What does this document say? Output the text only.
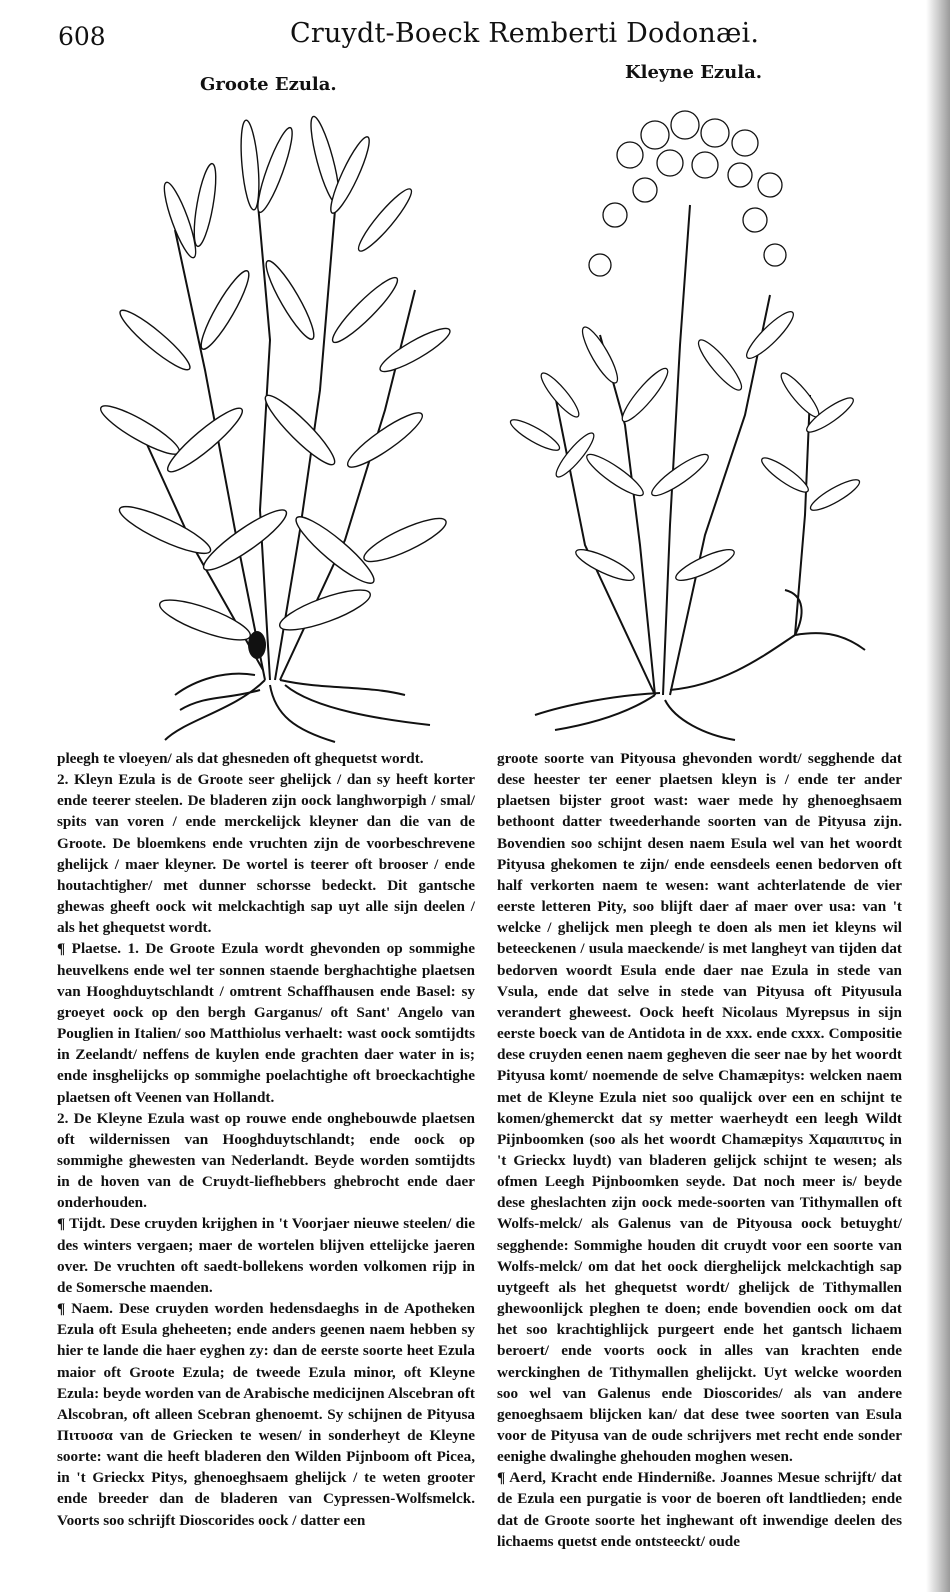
608	Cruydt-Boeck Remberti Dodonæi.
Groote Ezula.
Kleyne Ezula.

pleegh te vloeyen/ als dat ghesneden oft ghequetst wordt.

2. Kleyn Ezula is de Groote seer ghelijck / dan sy heeft korter ende teerer steelen. De bladeren zijn oock langhworpigh / smal/ spits van voren / ende merckelijck kleyner dan die van de Groote. De bloemkens ende vruchten zijn de voorbeschrevene ghelijck / maer kleyner. De wortel is teerer oft brooser / ende houtachtigher/ met dunner schorsse bedeckt. Dit gantsche ghewas gheeft oock wit melckachtigh sap uyt alle sijn deelen / als het ghequetst wordt.

¶ Plaetse. 1. De Groote Ezula wordt ghevonden op sommighe heuvelkens ende wel ter sonnen staende berghachtighe plaetsen van Hooghduytschlandt / omtrent Schaffhausen ende Basel: sy groeyet oock op den bergh Garganus/ oft Sant' Angelo van Pouglien in Italien/ soo Matthiolus verhaelt: wast oock somtijdts in Zeelandt/ neffens de kuylen ende grachten daer water in is; ende insghelijcks op sommighe poelachtighe oft broeckachtighe plaetsen oft Veenen van Hollandt.

2. De Kleyne Ezula wast op rouwe ende onghebouwde plaetsen oft wildernissen van Hooghduytschlandt; ende oock op sommighe ghewesten van Nederlandt. Beyde worden somtijdts in de hoven van de Cruydt-liefhebbers ghebrocht ende daer onderhouden.

¶ Tijdt. Dese cruyden krijghen in 't Voorjaer nieuwe steelen/ die des winters vergaen; maer de wortelen blijven ettelijcke jaeren over. De vruchten oft saedt-bollekens worden volkomen rijp in de Somersche maenden.

¶ Naem. Dese cruyden worden hedensdaeghs in de Apotheken Ezula oft Esula gheheeten; ende anders geenen naem hebben sy hier te lande die haer eyghen zy: dan de eerste soorte heet Ezula maior oft Groote Ezula; de tweede Ezula minor, oft Kleyne Ezula: beyde worden van de Arabische medicijnen Alscebran oft Alscobran, oft alleen Scebran ghenoemt. Sy schijnen de Pityusa Πιτυοσα van de Griecken te wesen/ in sonderheyt de Kleyne soorte: want die heeft bladeren den Wilden Pijnboom oft Picea, in 't Grieckx Pitys, ghenoeghsaem ghelijck / te weten grooter ende breeder dan de bladeren van Cypressen-Wolfsmelck. Voorts soo schrijft Dioscorides oock / datter een

groote soorte van Pityousa ghevonden wordt/ segghende dat dese heester ter eener plaetsen kleyn is / ende ter ander plaetsen bijster groot wast: waer mede hy ghenoeghsaem bethoont datter tweederhande soorten van de Pityusa zijn. Bovendien soo schijnt desen naem Esula wel van het woordt Pityusa ghekomen te zijn/ ende eensdeels eenen bedorven oft half verkorten naem te wesen: want achterlatende de vier eerste letteren Pity, soo blijft daer af maer over usa: van 't welcke / ghelijck men pleegh te doen als men iet kleyns wil beteeckenen / usula maeckende/ is met langheyt van tijden dat bedorven woordt Esula ende daer nae Ezula in stede van Vsula, ende dat selve in stede van Pityusa oft Pityusula verandert gheweest. Oock heeft Nicolaus Myrepsus in sijn eerste boeck van de Antidota in de xxx. ende cxxx. Compositie dese cruyden eenen naem gegheven die seer nae by het woordt Pityusa komt/ noemende de selve Chamæpitys: welcken naem met de Kleyne Ezula niet soo qualijck over een en schijnt te komen/ghemerckt dat sy metter waerheydt een leegh Wildt Pijnboomken (soo als het woordt Chamæpitys Χαμαιπιτυς in 't Grieckx luydt) van bladeren gelijck schijnt te wesen; als ofmen Leegh Pijnboomken seyde. Dat noch meer is/ beyde dese gheslachten zijn oock mede-soorten van Tithymallen oft Wolfs-melck/ als Galenus van de Pityousa oock betuyght/ segghende: Sommighe houden dit cruydt voor een soorte van Wolfs-melck/ om dat het oock dierghelijck melckachtigh sap uytgeeft als het ghequetst wordt/ ghelijck de Tithymallen ghewoonlijck pleghen te doen; ende bovendien oock om dat het soo krachtighlijck purgeert ende het gantsch lichaem beroert/ ende voorts oock in alles van krachten ende werckinghen de Tithymallen ghelijckt. Uyt welcke woorden soo wel van Galenus ende Dioscorides/ als van andere genoeghsaem blijcken kan/ dat dese twee soorten van Esula voor de Pityusa van de oude schrijvers met recht ende sonder eenighe dwalinghe ghehouden moghen wesen.

¶ Aerd, Kracht ende Hinderniße. Joannes Mesue schrijft/ dat de Ezula een purgatie is voor de boeren oft landtlieden; ende dat de Groote soorte het inghewant oft inwendige deelen des lichaems quetst ende ontsteeckt/ oude
